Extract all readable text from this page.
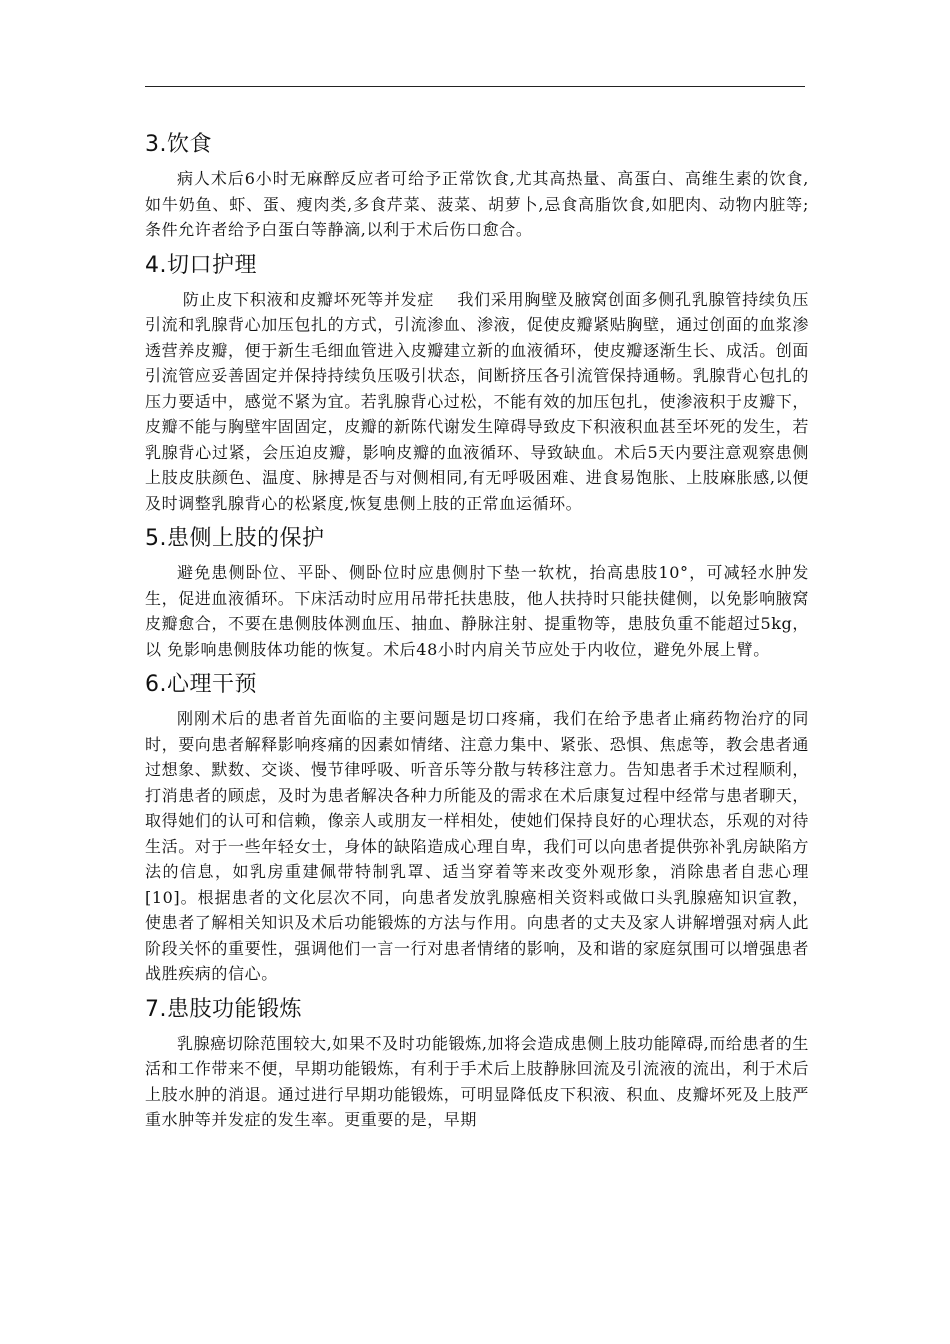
3.饮食

病人术后6小时无麻醉反应者可给予正常饮食,尤其高热量、高蛋白、高维生素的饮食,如牛奶鱼、虾、蛋、瘦肉类,多食芹菜、菠菜、胡萝卜,忌食高脂饮食,如肥肉、动物内脏等;条件允许者给予白蛋白等静滴,以利于术后伤口愈合。

4.切口护理

防止皮下积液和皮瓣坏死等并发症    我们采用胸壁及腋窝创面多侧孔乳腺管持续负压引流和乳腺背心加压包扎的方式，引流渗血、渗液，促使皮瓣紧贴胸壁，通过创面的血浆渗透营养皮瓣，便于新生毛细血管进入皮瓣建立新的血液循环，使皮瓣逐渐生长、成活。创面引流管应妥善固定并保持持续负压吸引状态，间断挤压各引流管保持通畅。乳腺背心包扎的压力要适中，感觉不紧为宜。若乳腺背心过松，不能有效的加压包扎，使渗液积于皮瓣下，皮瓣不能与胸壁牢固固定，皮瓣的新陈代谢发生障碍导致皮下积液积血甚至坏死的发生，若乳腺背心过紧，会压迫皮瓣，影响皮瓣的血液循环、导致缺血。术后5天内要注意观察患侧上肢皮肤颜色、温度、脉搏是否与对侧相同,有无呼吸困难、进食易饱胀、上肢麻胀感,以便及时调整乳腺背心的松紧度,恢复患侧上肢的正常血运循环。

5.患侧上肢的保护

避免患侧卧位、平卧、侧卧位时应患侧肘下垫一软枕，抬高患肢10°，可减轻水肿发生，促进血液循环。下床活动时应用吊带托扶患肢，他人扶持时只能扶健侧，以免影响腋窝皮瓣愈合，不要在患侧肢体测血压、抽血、静脉注射、提重物等，患肢负重不能超过5kg，以 免影响患侧肢体功能的恢复。术后48小时内肩关节应处于内收位，避免外展上臂。

6.心理干预

刚刚术后的患者首先面临的主要问题是切口疼痛，我们在给予患者止痛药物治疗的同时，要向患者解释影响疼痛的因素如情绪、注意力集中、紧张、恐惧、焦虑等，教会患者通过想象、默数、交谈、慢节律呼吸、听音乐等分散与转移注意力。告知患者手术过程顺利，打消患者的顾虑，及时为患者解决各种力所能及的需求在术后康复过程中经常与患者聊天，取得她们的认可和信赖，像亲人或朋友一样相处，使她们保持良好的心理状态，乐观的对待生活。对于一些年轻女士，身体的缺陷造成心理自卑，我们可以向患者提供弥补乳房缺陷方法的信息，如乳房重建佩带特制乳罩、适当穿着等来改变外观形象，消除患者自悲心理[10]。根据患者的文化层次不同，向患者发放乳腺癌相关资料或做口头乳腺癌知识宣教，使患者了解相关知识及术后功能锻炼的方法与作用。向患者的丈夫及家人讲解增强对病人此阶段关怀的重要性，强调他们一言一行对患者情绪的影响，及和谐的家庭氛围可以增强患者战胜疾病的信心。

7.患肢功能锻炼

乳腺癌切除范围较大,如果不及时功能锻炼,加将会造成患侧上肢功能障碍,而给患者的生活和工作带来不便，早期功能锻炼，有利于手术后上肢静脉回流及引流液的流出，利于术后上肢水肿的消退。通过进行早期功能锻炼，可明显降低皮下积液、积血、皮瓣坏死及上肢严重水肿等并发症的发生率。更重要的是，早期
